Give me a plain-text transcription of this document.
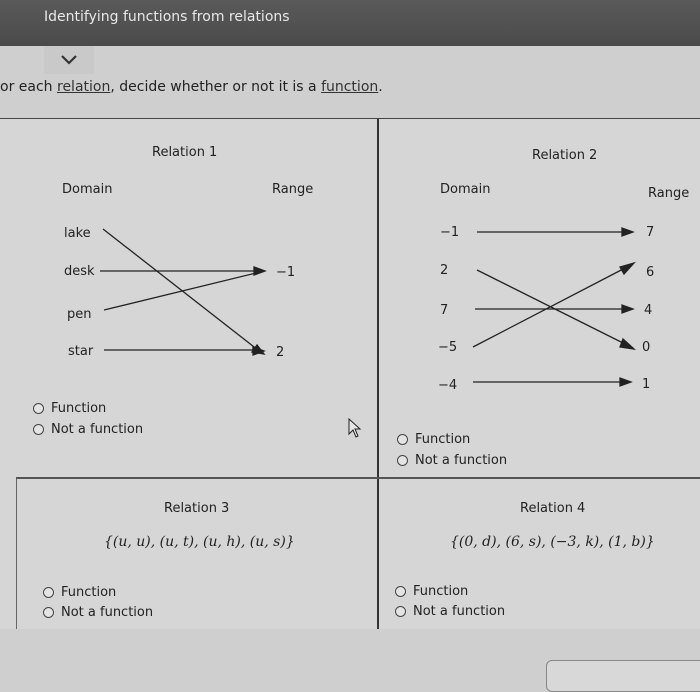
Identifying functions from relations
or each relation, decide whether or not it is a function.
Relation 1
Domain	Range
lake
desk
pen
star
−1
2
Function
Not a function
Relation 2
Domain	Range
−1
2
7
−5
−4
7
6
4
0
1
Function
Not a function
Relation 3
{(u, u), (u, t), (u, h), (u, s)}
Function
Not a function
Relation 4
{(0, d), (6, s), (−3, k), (1, b)}
Function
Not a function
